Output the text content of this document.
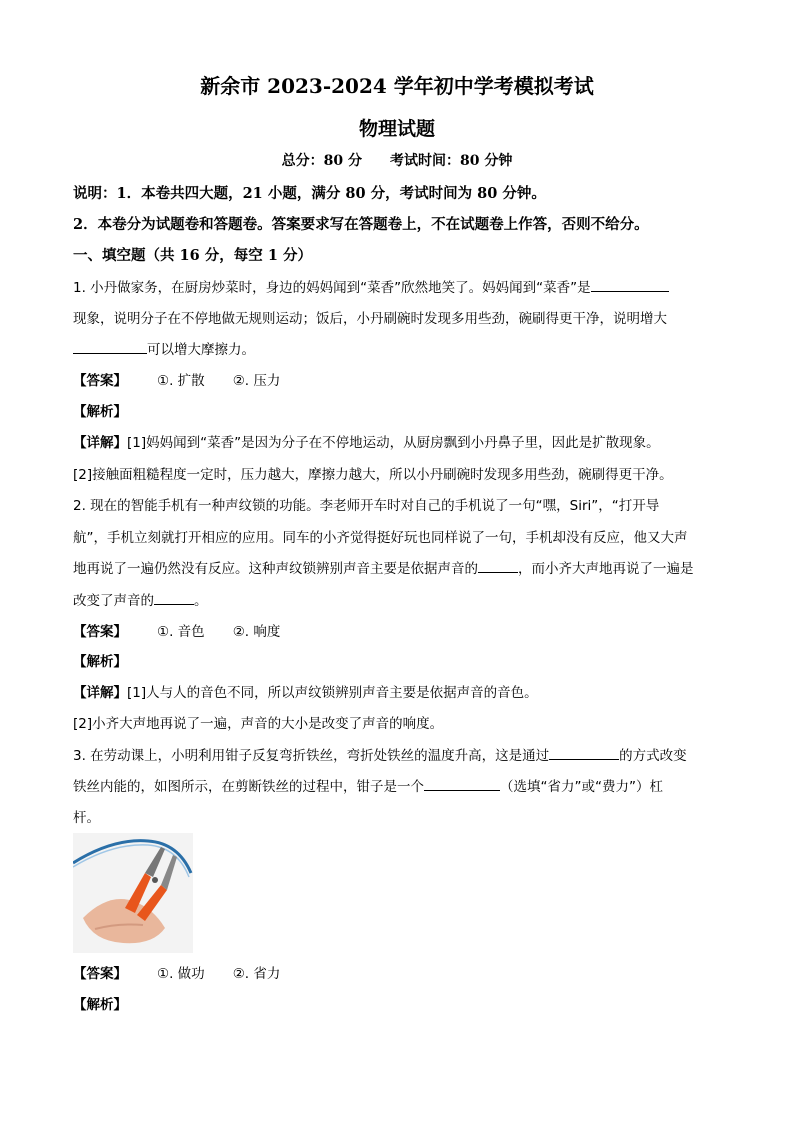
新余市 2023-2024 学年初中学考模拟考试
物理试题
总分：80 分　　考试时间：80 分钟
说明：1．本卷共四大题，21 小题，满分 80 分，考试时间为 80 分钟。
2．本卷分为试题卷和答题卷。答案要求写在答题卷上，不在试题卷上作答，否则不给分。
一、填空题（共 16 分，每空 1 分）
1. 小丹做家务，在厨房炒菜时，身边的妈妈闻到“菜香”欣然地笑了。妈妈闻到“菜香”是
现象，说明分子在不停地做无规则运动；饭后，小丹刷碗时发现多用些劲，碗刷得更干净，说明增大
可以增大摩擦力。
【答案】 ①. 扩散 ②. 压力
【解析】
【详解】[1]妈妈闻到“菜香”是因为分子在不停地运动，从厨房飘到小丹鼻子里，因此是扩散现象。
[2]接触面粗糙程度一定时，压力越大，摩擦力越大，所以小丹刷碗时发现多用些劲，碗刷得更干净。
2. 现在的智能手机有一种声纹锁的功能。李老师开车时对自己的手机说了一句“嘿，Siri”，“打开导
航”，手机立刻就打开相应的应用。同车的小齐觉得挺好玩也同样说了一句，手机却没有反应，他又大声
地再说了一遍仍然没有反应。这种声纹锁辨别声音主要是依据声音的	，而小齐大声地再说了一遍是
改变了声音的	。
【答案】 ①. 音色 ②. 响度
【解析】
【详解】[1]人与人的音色不同，所以声纹锁辨别声音主要是依据声音的音色。
[2]小齐大声地再说了一遍，声音的大小是改变了声音的响度。
3. 在劳动课上，小明利用钳子反复弯折铁丝，弯折处铁丝的温度升高，这是通过	的方式改变
铁丝内能的，如图所示，在剪断铁丝的过程中，钳子是一个	（选填“省力”或“费力”）杠
杆。
【答案】 ①. 做功 ②. 省力
【解析】
